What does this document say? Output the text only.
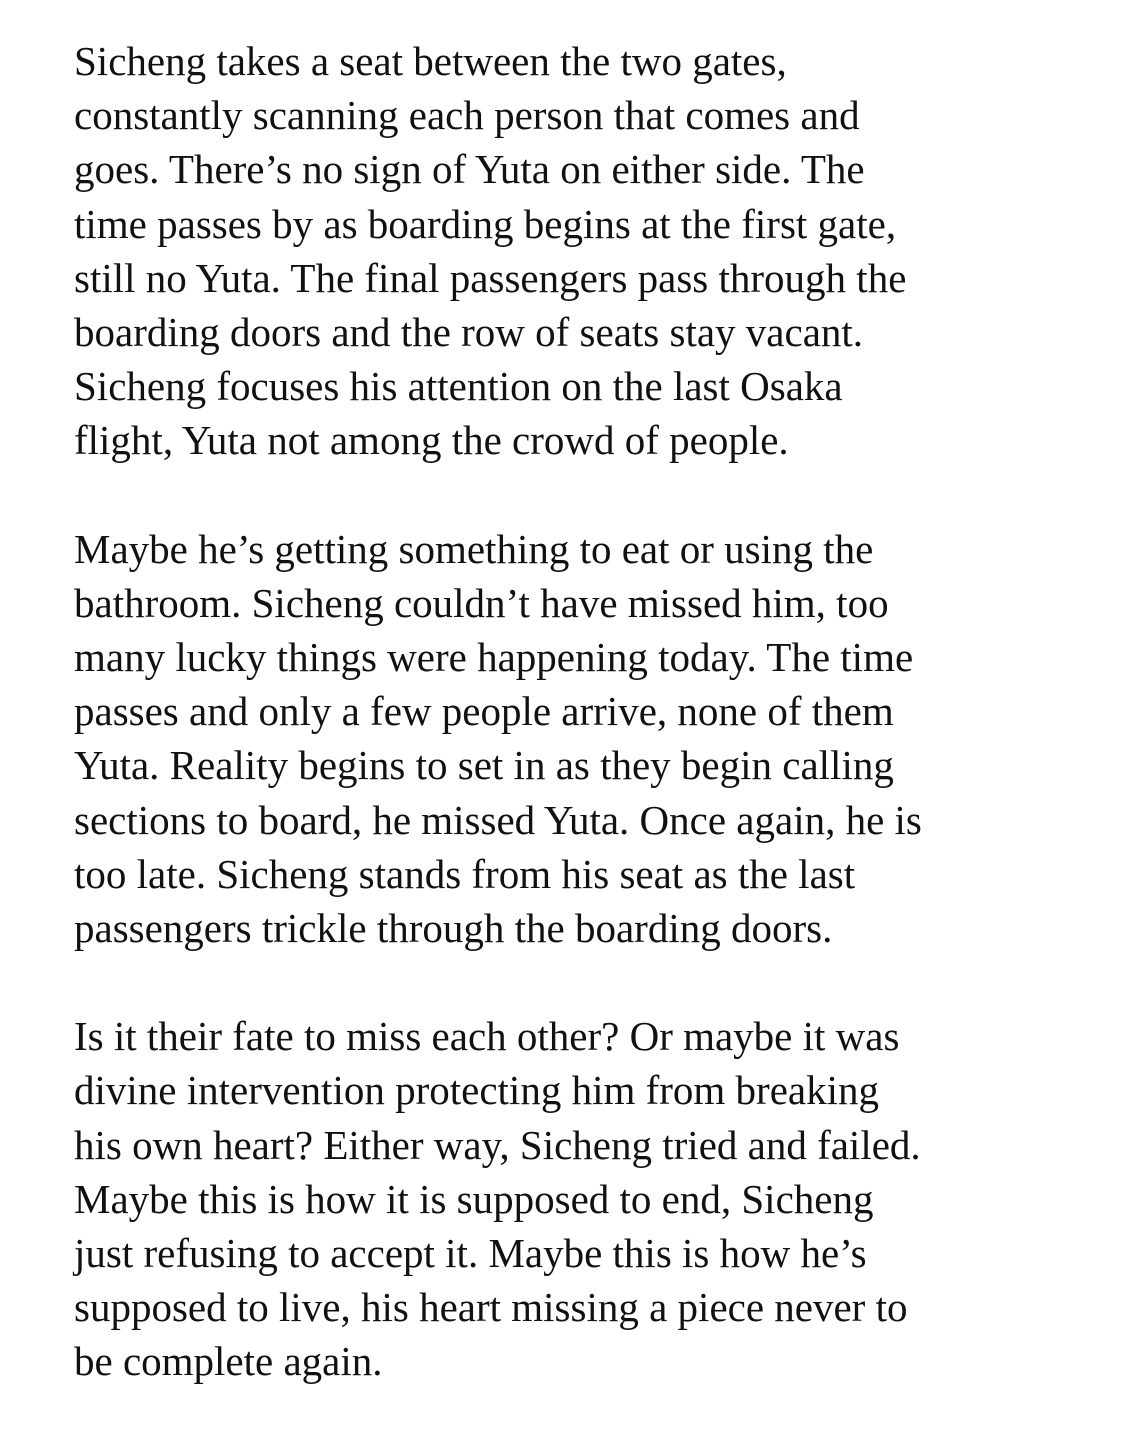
Sicheng takes a seat between the two gates,
constantly scanning each person that comes and
goes. There’s no sign of Yuta on either side. The
time passes by as boarding begins at the first gate,
still no Yuta. The final passengers pass through the
boarding doors and the row of seats stay vacant.
Sicheng focuses his attention on the last Osaka
flight, Yuta not among the crowd of people.
Maybe he’s getting something to eat or using the
bathroom. Sicheng couldn’t have missed him, too
many lucky things were happening today. The time
passes and only a few people arrive, none of them
Yuta. Reality begins to set in as they begin calling
sections to board, he missed Yuta. Once again, he is
too late. Sicheng stands from his seat as the last
passengers trickle through the boarding doors.
Is it their fate to miss each other? Or maybe it was
divine intervention protecting him from breaking
his own heart? Either way, Sicheng tried and failed.
Maybe this is how it is supposed to end, Sicheng
just refusing to accept it. Maybe this is how he’s
supposed to live, his heart missing a piece never to
be complete again.
